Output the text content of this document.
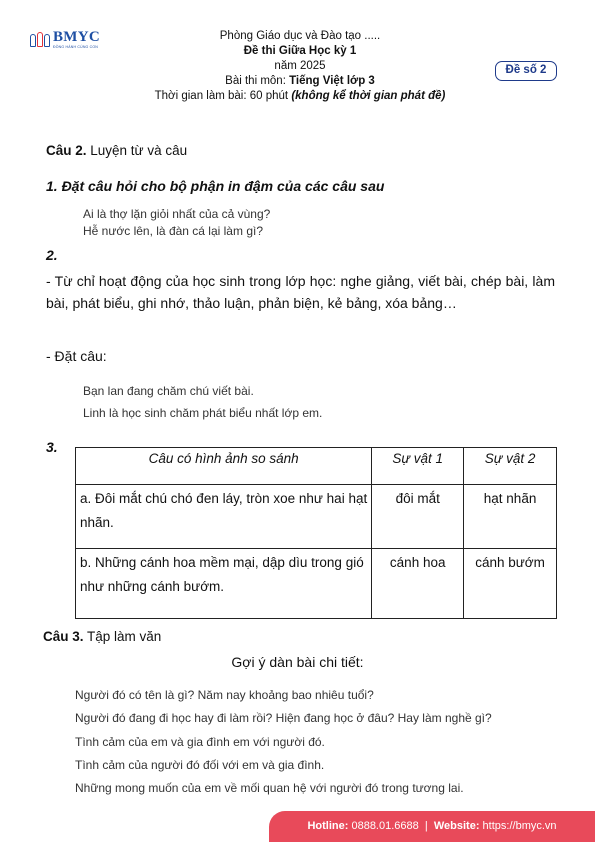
BMYC
ĐỒNG HÀNH CÙNG CON
Phòng Giáo dục và Đào tạo .....
Đề thi Giữa Học kỳ 1
năm 2025
Bài thi môn: Tiếng Việt lớp 3
Thời gian làm bài: 60 phút (không kể thời gian phát đề)
Đề số 2
Câu 2. Luyện từ và câu
1. Đặt câu hỏi cho bộ phận in đậm của các câu sau
Ai là thợ lặn giỏi nhất của cả vùng?
Hễ nước lên, là đàn cá lại làm gì?
2.
- Từ chỉ hoạt động của học sinh trong lớp học: nghe giảng, viết bài, chép bài, làm bài, phát biểu, ghi nhớ, thảo luận, phản biện, kẻ bảng, xóa bảng…
- Đặt câu:
Bạn lan đang chăm chú viết bài.
Linh là học sinh chăm phát biểu nhất lớp em.
3.
Câu có hình ảnh so sánh	Sự vật 1	Sự vật 2
a. Đôi mắt chú chó đen láy, tròn xoe như hai hạt nhãn.	đôi mắt	hạt nhãn
b. Những cánh hoa mềm mại, dập dìu trong gió như những cánh bướm.	cánh hoa	cánh bướm
Câu 3. Tập làm văn
Gợi ý dàn bài chi tiết:
Người đó có tên là gì? Năm nay khoảng bao nhiêu tuổi?
Người đó đang đi học hay đi làm rồi? Hiện đang học ở đâu? Hay làm nghề gì?
Tình cảm của em và gia đình em với người đó.
Tình cảm của người đó đối với em và gia đình.
Những mong muốn của em về mối quan hệ với người đó trong tương lai.
Hotline: 0888.01.6688  |  Website: https://bmyc.vn
